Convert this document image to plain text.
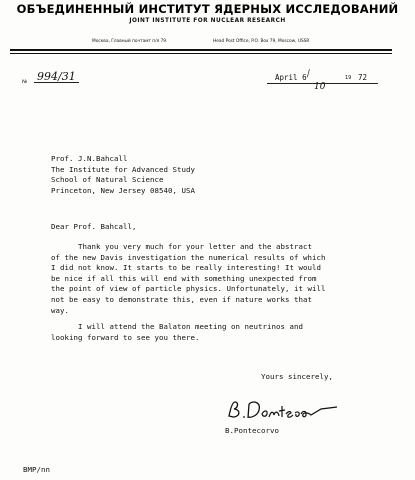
ОБЪЕДИНЕННЫЙ ИНСТИТУТ ЯДЕРНЫХ ИССЛЕДОВАНИЙ
JOINT INSTITUTE FOR NUCLEAR RESEARCH
Москва, Главный почтамт п/я 79.	Head Post Office, P.O. Box 79, Moscow, USSR
№ 994/31	April 6 /
10
19 72
Prof. J.N.Bahcall
The Institute for Advanced Study
School of Natural Science
Princeton, New Jersey 08540, USA
Dear Prof. Bahcall,
Thank you very much for your letter and the abstract
of the new Davis investigation the numerical results of which
I did not know. It starts to be really interesting! It would
be nice if all this will end with something unexpected from
the point of view of particle physics. Unfortunately, it will
not be easy to demonstrate this, even if nature works that
way.
I will attend the Balaton meeting on neutrinos and
looking forward to see you there.
Yours sincerely,
B.Pontecorvo
BMP/nn
